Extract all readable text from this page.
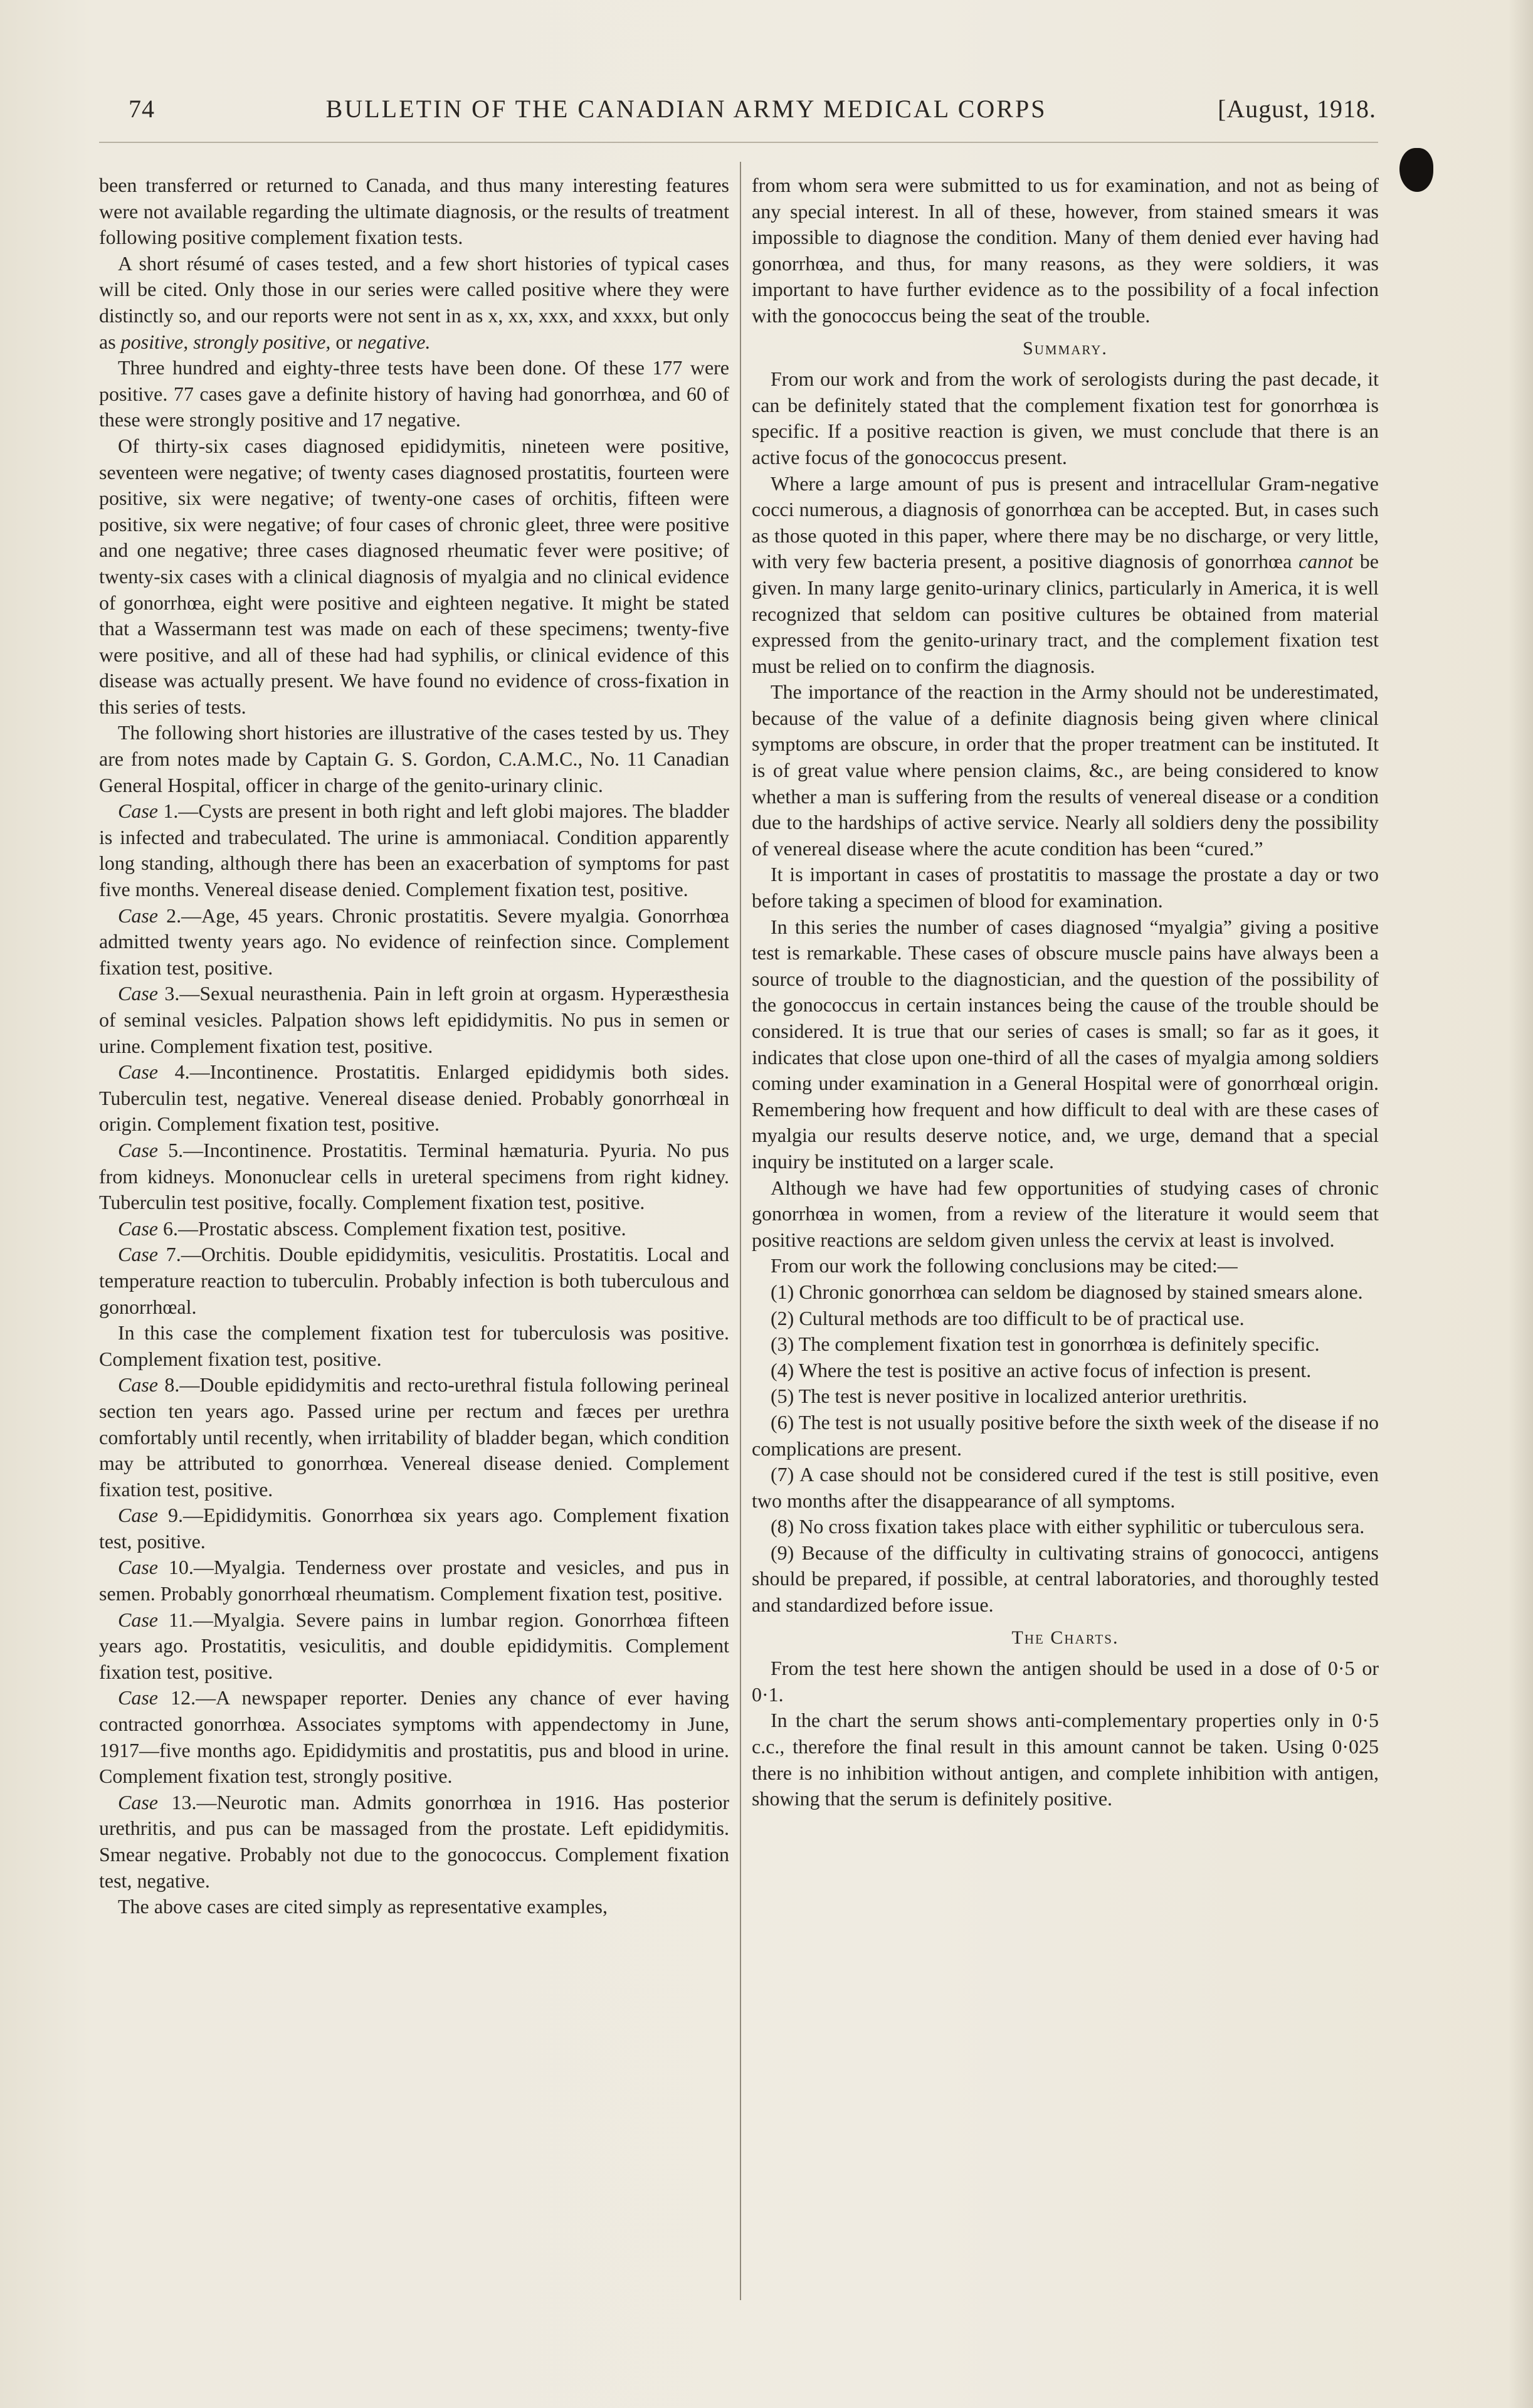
74	BULLETIN OF THE CANADIAN ARMY MEDICAL CORPS	[August, 1918.

been transferred or returned to Canada, and thus many interesting features were not available regarding the ultimate diagnosis, or the results of treatment following positive complement fixation tests.

A short résumé of cases tested, and a few short histories of typical cases will be cited. Only those in our series were called positive where they were distinctly so, and our reports were not sent in as x, xx, xxx, and xxxx, but only as positive, strongly positive, or negative.

Three hundred and eighty-three tests have been done. Of these 177 were positive. 77 cases gave a definite history of having had gonorrhœa, and 60 of these were strongly positive and 17 negative.

Of thirty-six cases diagnosed epididymitis, nineteen were positive, seventeen were negative; of twenty cases diagnosed prostatitis, fourteen were positive, six were negative; of twenty-one cases of orchitis, fifteen were positive, six were negative; of four cases of chronic gleet, three were positive and one negative; three cases diagnosed rheumatic fever were positive; of twenty-six cases with a clinical diagnosis of myalgia and no clinical evidence of gonorrhœa, eight were positive and eighteen negative. It might be stated that a Wassermann test was made on each of these specimens; twenty-five were positive, and all of these had had syphilis, or clinical evidence of this disease was actually present. We have found no evidence of cross-fixation in this series of tests.

The following short histories are illustrative of the cases tested by us. They are from notes made by Captain G. S. Gordon, C.A.M.C., No. 11 Canadian General Hospital, officer in charge of the genito-urinary clinic.

Case 1.—Cysts are present in both right and left globi majores. The bladder is infected and trabeculated. The urine is ammoniacal. Condition apparently long standing, although there has been an exacerbation of symptoms for past five months. Venereal disease denied. Complement fixation test, positive.

Case 2.—Age, 45 years. Chronic prostatitis. Severe myalgia. Gonorrhœa admitted twenty years ago. No evidence of reinfection since. Complement fixation test, positive.

Case 3.—Sexual neurasthenia. Pain in left groin at orgasm. Hyperæsthesia of seminal vesicles. Palpation shows left epididymitis. No pus in semen or urine. Complement fixation test, positive.

Case 4.—Incontinence. Prostatitis. Enlarged epididymis both sides. Tuberculin test, negative. Venereal disease denied. Probably gonorrhœal in origin. Complement fixation test, positive.

Case 5.—Incontinence. Prostatitis. Terminal hæmaturia. Pyuria. No pus from kidneys. Mononuclear cells in ureteral specimens from right kidney. Tuberculin test positive, focally. Complement fixation test, positive.

Case 6.—Prostatic abscess. Complement fixation test, positive.

Case 7.—Orchitis. Double epididymitis, vesiculitis. Prostatitis. Local and temperature reaction to tuberculin. Probably infection is both tuberculous and gonorrhœal.

In this case the complement fixation test for tuberculosis was positive. Complement fixation test, positive.

Case 8.—Double epididymitis and recto-urethral fistula following perineal section ten years ago. Passed urine per rectum and fæces per urethra comfortably until recently, when irritability of bladder began, which condition may be attributed to gonorrhœa. Venereal disease denied. Complement fixation test, positive.

Case 9.—Epididymitis. Gonorrhœa six years ago. Complement fixation test, positive.

Case 10.—Myalgia. Tenderness over prostate and vesicles, and pus in semen. Probably gonorrhœal rheumatism. Complement fixation test, positive.

Case 11.—Myalgia. Severe pains in lumbar region. Gonorrhœa fifteen years ago. Prostatitis, vesiculitis, and double epididymitis. Complement fixation test, positive.

Case 12.—A newspaper reporter. Denies any chance of ever having contracted gonorrhœa. Associates symptoms with appendectomy in June, 1917—five months ago. Epididymitis and prostatitis, pus and blood in urine. Complement fixation test, strongly positive.

Case 13.—Neurotic man. Admits gonorrhœa in 1916. Has posterior urethritis, and pus can be massaged from the prostate. Left epididymitis. Smear negative. Probably not due to the gonococcus. Complement fixation test, negative.

The above cases are cited simply as representative examples,

from whom sera were submitted to us for examination, and not as being of any special interest. In all of these, however, from stained smears it was impossible to diagnose the condition. Many of them denied ever having had gonorrhœa, and thus, for many reasons, as they were soldiers, it was important to have further evidence as to the possibility of a focal infection with the gonococcus being the seat of the trouble.

Summary.

From our work and from the work of serologists during the past decade, it can be definitely stated that the complement fixation test for gonorrhœa is specific. If a positive reaction is given, we must conclude that there is an active focus of the gonococcus present.

Where a large amount of pus is present and intracellular Gram-negative cocci numerous, a diagnosis of gonorrhœa can be accepted. But, in cases such as those quoted in this paper, where there may be no discharge, or very little, with very few bacteria present, a positive diagnosis of gonorrhœa cannot be given. In many large genito-urinary clinics, particularly in America, it is well recognized that seldom can positive cultures be obtained from material expressed from the genito-urinary tract, and the complement fixation test must be relied on to confirm the diagnosis.

The importance of the reaction in the Army should not be underestimated, because of the value of a definite diagnosis being given where clinical symptoms are obscure, in order that the proper treatment can be instituted. It is of great value where pension claims, &c., are being considered to know whether a man is suffering from the results of venereal disease or a condition due to the hardships of active service. Nearly all soldiers deny the possibility of venereal disease where the acute condition has been “cured.”

It is important in cases of prostatitis to massage the prostate a day or two before taking a specimen of blood for examination.

In this series the number of cases diagnosed “myalgia” giving a positive test is remarkable. These cases of obscure muscle pains have always been a source of trouble to the diagnostician, and the question of the possibility of the gonococcus in certain instances being the cause of the trouble should be considered. It is true that our series of cases is small; so far as it goes, it indicates that close upon one-third of all the cases of myalgia among soldiers coming under examination in a General Hospital were of gonorrhœal origin. Remembering how frequent and how difficult to deal with are these cases of myalgia our results deserve notice, and, we urge, demand that a special inquiry be instituted on a larger scale.

Although we have had few opportunities of studying cases of chronic gonorrhœa in women, from a review of the literature it would seem that positive reactions are seldom given unless the cervix at least is involved.

From our work the following conclusions may be cited:—

(1) Chronic gonorrhœa can seldom be diagnosed by stained smears alone.

(2) Cultural methods are too difficult to be of practical use.

(3) The complement fixation test in gonorrhœa is definitely specific.

(4) Where the test is positive an active focus of infection is present.

(5) The test is never positive in localized anterior urethritis.

(6) The test is not usually positive before the sixth week of the disease if no complications are present.

(7) A case should not be considered cured if the test is still positive, even two months after the disappearance of all symptoms.

(8) No cross fixation takes place with either syphilitic or tuberculous sera.

(9) Because of the difficulty in cultivating strains of gonococci, antigens should be prepared, if possible, at central laboratories, and thoroughly tested and standardized before issue.

The Charts.

From the test here shown the antigen should be used in a dose of 0·5 or 0·1.

In the chart the serum shows anti-complementary properties only in 0·5 c.c., therefore the final result in this amount cannot be taken. Using 0·025 there is no inhibition without antigen, and complete inhibition with antigen, showing that the serum is definitely positive.
